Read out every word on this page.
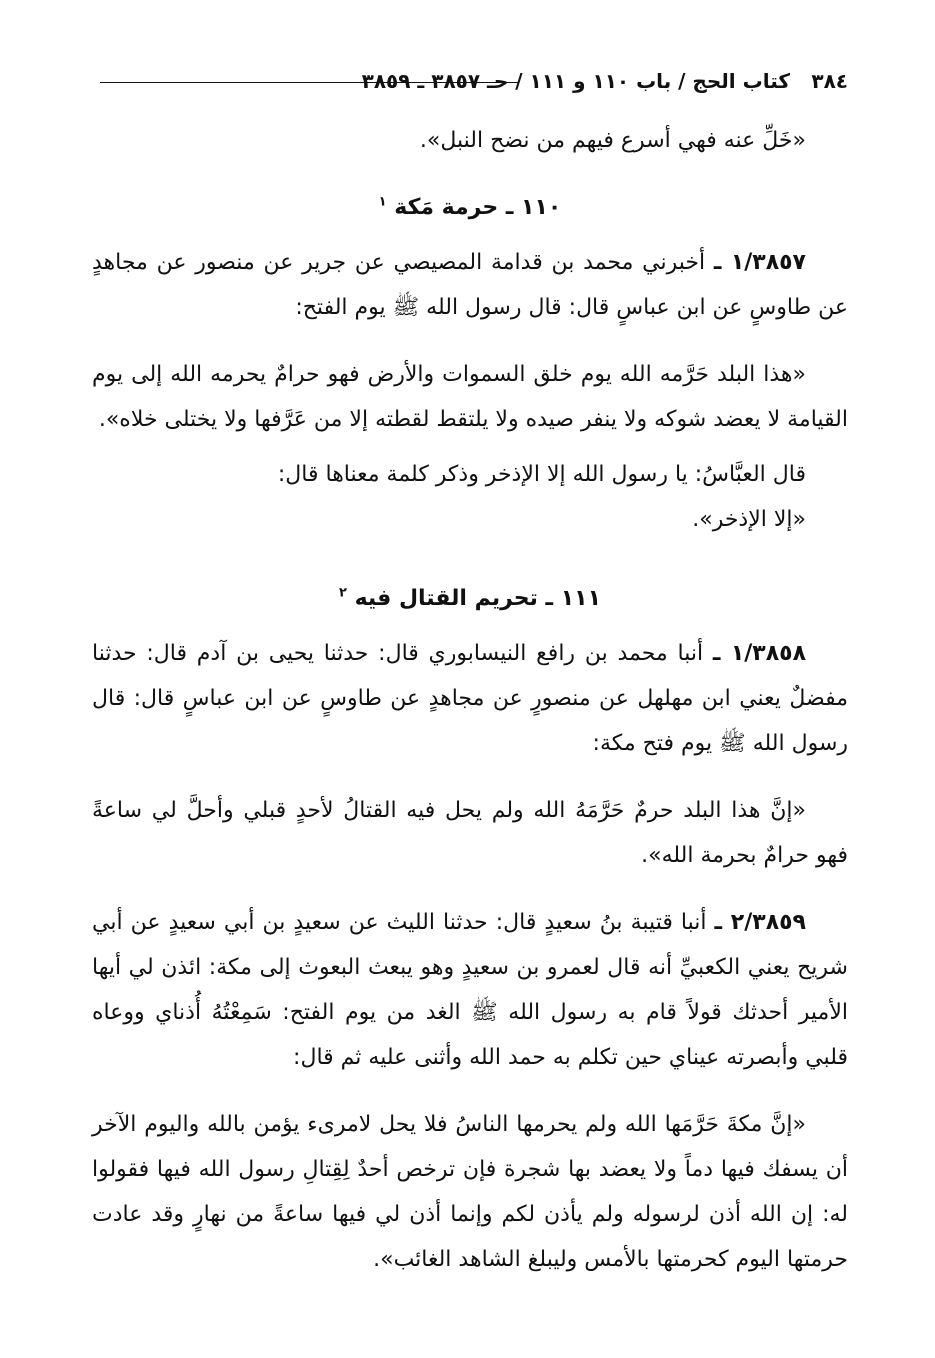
٣٨٤
كتاب الحج / باب ١١٠ و ١١١ / حـ ٣٨٥٧ ـ ٣٨٥٩

«خَلِّ عنه فهي أسرع فيهم من نضح النبل».

١١٠ ـ حرمة مَكة $^١$

١/٣٨٥٧ ـ أخبرني محمد بن قدامة المصيصي عن جرير عن منصور عن مجاهدٍ عن طاوسٍ عن ابن عباسٍ قال: قال رسول الله ﷺ يوم الفتح:

«هذا البلد حَرَّمه الله يوم خلق السموات والأرض فهو حرامٌ يحرمه الله إلى يوم القيامة لا يعضد شوكه ولا ينفر صيده ولا يلتقط لقطته إلا من عَرَّفها ولا يختلى خلاه».

قال العبَّاسُ: يا رسول الله إلا الإذخر وذكر كلمة معناها قال:

«إلا الإذخر».

١١١ ـ تحريم القتال فيه $^٢$

١/٣٨٥٨ ـ أنبا محمد بن رافع النيسابوري قال: حدثنا يحيى بن آدم قال: حدثنا مفضلٌ يعني ابن مهلهل عن منصورٍ عن مجاهدٍ عن طاوسٍ عن ابن عباسٍ قال: قال رسول الله ﷺ يوم فتح مكة:

«إنَّ هذا البلد حرمٌ حَرَّمَهُ الله ولم يحل فيه القتالُ لأحدٍ قبلي وأحلَّ لي ساعةً فهو حرامٌ بحرمة الله».

٢/٣٨٥٩ ـ أنبا قتيبة بنُ سعيدٍ قال: حدثنا الليث عن سعيدٍ بن أبي سعيدٍ عن أبي شريح يعني الكعبيِّ أنه قال لعمرو بن سعيدٍ وهو يبعث البعوث إلى مكة: ائذن لي أيها الأمير أحدثك قولاً قام به رسول الله ﷺ الغد من يوم الفتح: سَمِعْتُهُ أُذناي ووعاه قلبي وأبصرته عيناي حين تكلم به حمد الله وأثنى عليه ثم قال:

«إنَّ مكةَ حَرَّمَها الله ولم يحرمها الناسُ فلا يحل لامرىء يؤمن بالله واليوم الآخر أن يسفك فيها دماً ولا يعضد بها شجرة فإن ترخص أحدٌ لِقِتالِ رسول الله فيها فقولوا له: إن الله أذن لرسوله ولم يأذن لكم وإنما أذن لي فيها ساعةً من نهارٍ وقد عادت حرمتها اليوم كحرمتها بالأمس وليبلغ الشاهد الغائب».
